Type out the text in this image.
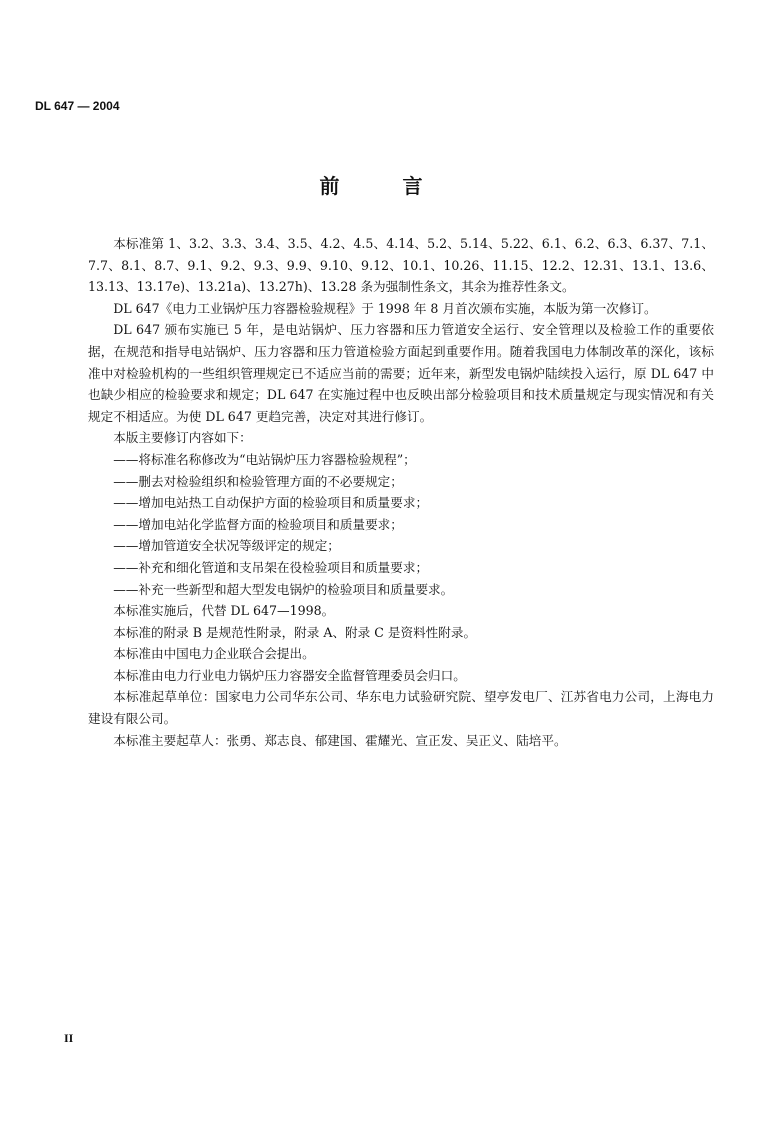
DL 647 — 2004
前 言

本标准第 1、3.2、3.3、3.4、3.5、4.2、4.5、4.14、5.2、5.14、5.22、6.1、6.2、6.3、6.37、7.1、7.7、8.1、8.7、9.1、9.2、9.3、9.9、9.10、9.12、10.1、10.26、11.15、12.2、12.31、13.1、13.6、13.13、13.17e)、13.21a)、13.27h)、13.28 条为强制性条文，其余为推荐性条文。

DL 647《电力工业锅炉压力容器检验规程》于 1998 年 8 月首次颁布实施，本版为第一次修订。

DL 647 颁布实施已 5 年，是电站锅炉、压力容器和压力管道安全运行、安全管理以及检验工作的重要依据，在规范和指导电站锅炉、压力容器和压力管道检验方面起到重要作用。随着我国电力体制改革的深化，该标准中对检验机构的一些组织管理规定已不适应当前的需要；近年来，新型发电锅炉陆续投入运行，原 DL 647 中也缺少相应的检验要求和规定；DL 647 在实施过程中也反映出部分检验项目和技术质量规定与现实情况和有关规定不相适应。为使 DL 647 更趋完善，决定对其进行修订。

本版主要修订内容如下：

——将标准名称修改为“电站锅炉压力容器检验规程”；

——删去对检验组织和检验管理方面的不必要规定；

——增加电站热工自动保护方面的检验项目和质量要求；

——增加电站化学监督方面的检验项目和质量要求；

——增加管道安全状况等级评定的规定；

——补充和细化管道和支吊架在役检验项目和质量要求；

——补充一些新型和超大型发电锅炉的检验项目和质量要求。

本标准实施后，代替 DL 647—1998。

本标准的附录 B 是规范性附录，附录 A、附录 C 是资料性附录。

本标准由中国电力企业联合会提出。

本标准由电力行业电力锅炉压力容器安全监督管理委员会归口。

本标准起草单位：国家电力公司华东公司、华东电力试验研究院、望亭发电厂、江苏省电力公司，上海电力建设有限公司。

本标准主要起草人：张勇、郑志良、郁建国、霍耀光、宣正发、吴正义、陆培平。

II
